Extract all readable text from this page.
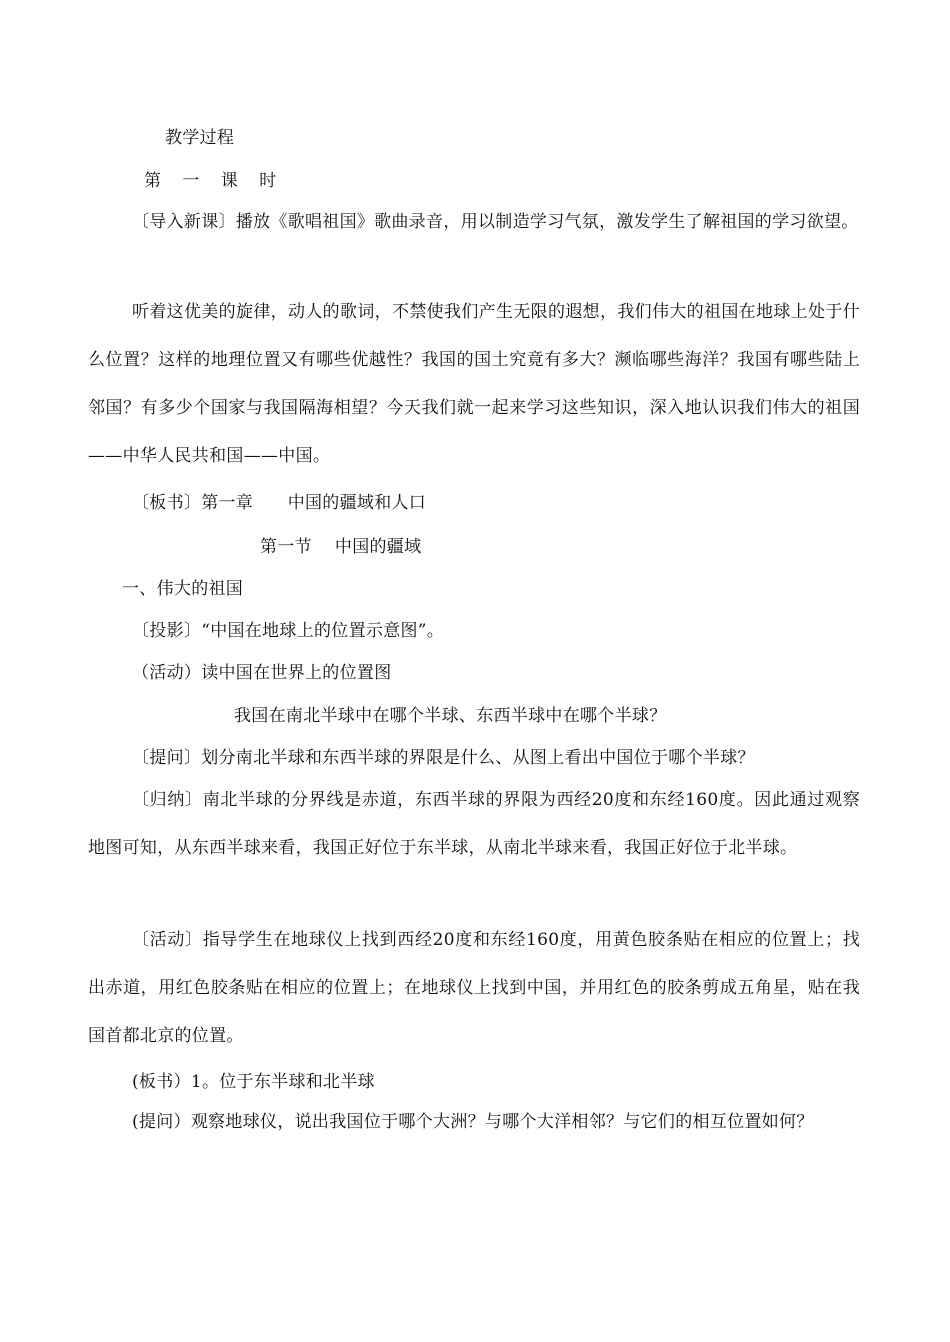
教学过程
第 一 课 时
〔导入新课〕播放《歌唱祖国》歌曲录音，用以制造学习气氛，激发学生了解祖国的学习欲望。
听着这优美的旋律，动人的歌词，不禁使我们产生无限的遐想，我们伟大的祖国在地球上处于什么位置？这样的地理位置又有哪些优越性？我国的国土究竟有多大？濒临哪些海洋？我国有哪些陆上邻国？有多少个国家与我国隔海相望？今天我们就一起来学习这些知识，深入地认识我们伟大的祖国——中华人民共和国——中国。
〔板书〕第一章　　中国的疆域和人口
第一节　 中国的疆域
一、伟大的祖国
〔投影〕“中国在地球上的位置示意图”。
（活动）读中国在世界上的位置图
我国在南北半球中在哪个半球、东西半球中在哪个半球？
〔提问〕划分南北半球和东西半球的界限是什么、从图上看出中国位于哪个半球？
〔归纳〕南北半球的分界线是赤道，东西半球的界限为西经20度和东经160度。因此通过观察地图可知，从东西半球来看，我国正好位于东半球，从南北半球来看，我国正好位于北半球。
〔活动〕指导学生在地球仪上找到西经20度和东经160度，用黄色胶条贴在相应的位置上；找出赤道，用红色胶条贴在相应的位置上；在地球仪上找到中国，并用红色的胶条剪成五角星，贴在我国首都北京的位置。
(板书）1。位于东半球和北半球
(提问）观察地球仪，说出我国位于哪个大洲？与哪个大洋相邻？与它们的相互位置如何？
